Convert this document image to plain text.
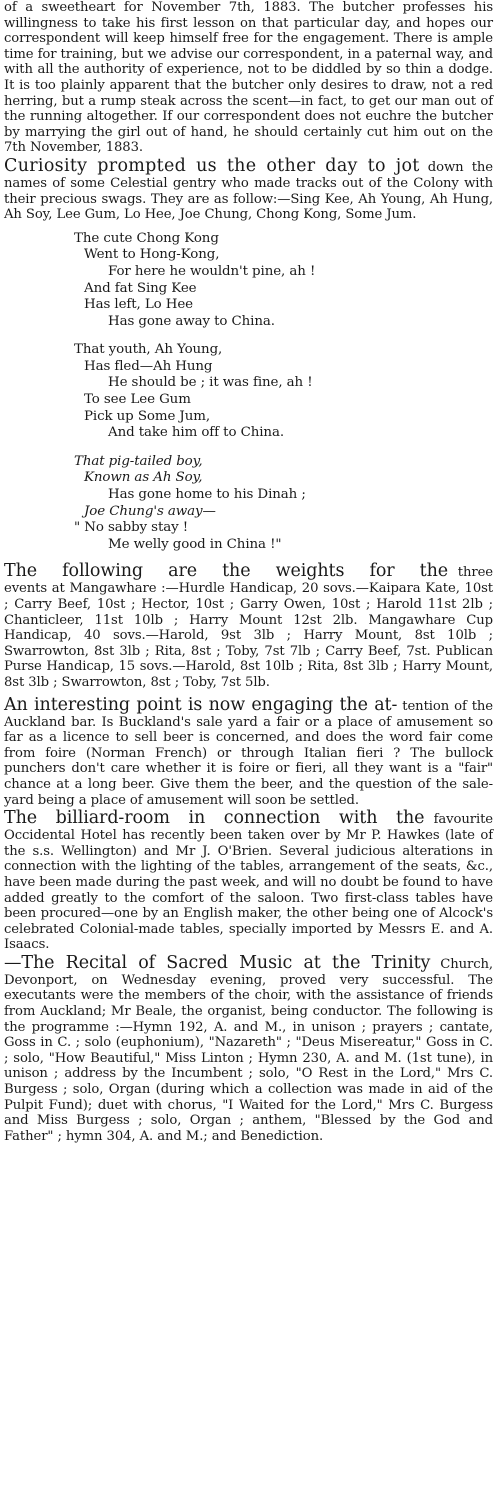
of a sweetheart for November 7th, 1883. The butcher professes his willingness to take his first lesson on that particular day, and hopes our correspondent will keep himself free for the engagement. There is ample time for training, but we advise our correspondent, in a paternal way, and with all the authority of experience, not to be diddled by so thin a dodge. It is too plainly apparent that the butcher only desires to draw, not a red herring, but a rump steak across the scent—in fact, to get our man out of the running altogether. If our correspondent does not euchre the butcher by marrying the girl out of hand, he should certainly cut him out on the 7th November, 1883.

Curiosity prompted us the other day to jot down the names of some Celestial gentry who made tracks out of the Colony with their precious swags. They are as follow:—Sing Kee, Ah Young, Ah Hung, Ah Soy, Lee Gum, Lo Hee, Joe Chung, Chong Kong, Some Jum.

The cute Chong Kong
Went to Hong-Kong,
For here he wouldn't pine, ah !
And fat Sing Kee
Has left, Lo Hee
Has gone away to China.
That youth, Ah Young,
Has fled—Ah Hung
He should be ; it was fine, ah !
To see Lee Gum
Pick up Some Jum,
And take him off to China.
That pig-tailed boy,
Known as Ah Soy,
Has gone home to his Dinah ;
Joe Chung's away—
" No sabby stay !
Me welly good in China !"

The following are the weights for the three events at Mangawhare :—Hurdle Handicap, 20 sovs.—Kaipara Kate, 10st ; Carry Beef, 10st ; Hector, 10st ; Garry Owen, 10st ; Harold 11st 2lb ; Chanticleer, 11st 10lb ; Harry Mount 12st 2lb. Mangawhare Cup Handicap, 40 sovs.—Harold, 9st 3lb ; Harry Mount, 8st 10lb ; Swarrowton, 8st 3lb ; Rita, 8st ; Toby, 7st 7lb ; Carry Beef, 7st. Publican Purse Handicap, 15 sovs.—Harold, 8st 10lb ; Rita, 8st 3lb ; Harry Mount, 8st 3lb ; Swarrowton, 8st ; Toby, 7st 5lb.

An interesting point is now engaging the at- tention of the Auckland bar. Is Buckland's sale yard a fair or a place of amusement so far as a licence to sell beer is concerned, and does the word fair come from foire (Norman French) or through Italian fieri ? The bullock punchers don't care whether it is foire or fieri, all they want is a "fair" chance at a long beer. Give them the beer, and the question of the sale-yard being a place of amusement will soon be settled.

The billiard-room in connection with the favourite Occidental Hotel has recently been taken over by Mr P. Hawkes (late of the s.s. Wellington) and Mr J. O'Brien. Several judicious alterations in connection with the lighting of the tables, arrangement of the seats, &c., have been made during the past week, and will no doubt be found to have added greatly to the comfort of the saloon. Two first-class tables have been procured—one by an English maker, the other being one of Alcock's celebrated Colonial-made tables, specially imported by Messrs E. and A. Isaacs.

—The Recital of Sacred Music at the Trinity Church, Devonport, on Wednesday evening, proved very successful. The executants were the members of the choir, with the assistance of friends from Auckland; Mr Beale, the organist, being conductor. The following is the programme :—Hymn 192, A. and M., in unison ; prayers ; cantate, Goss in C. ; solo (euphonium), "Nazareth" ; "Deus Misereatur," Goss in C. ; solo, "How Beautiful," Miss Linton ; Hymn 230, A. and M. (1st tune), in unison ; address by the Incumbent ; solo, "O Rest in the Lord," Mrs C. Burgess ; solo, Organ (during which a collection was made in aid of the Pulpit Fund); duet with chorus, "I Waited for the Lord," Mrs C. Burgess and Miss Burgess ; solo, Organ ; anthem, "Blessed by the God and Father" ; hymn 304, A. and M.; and Benediction.
